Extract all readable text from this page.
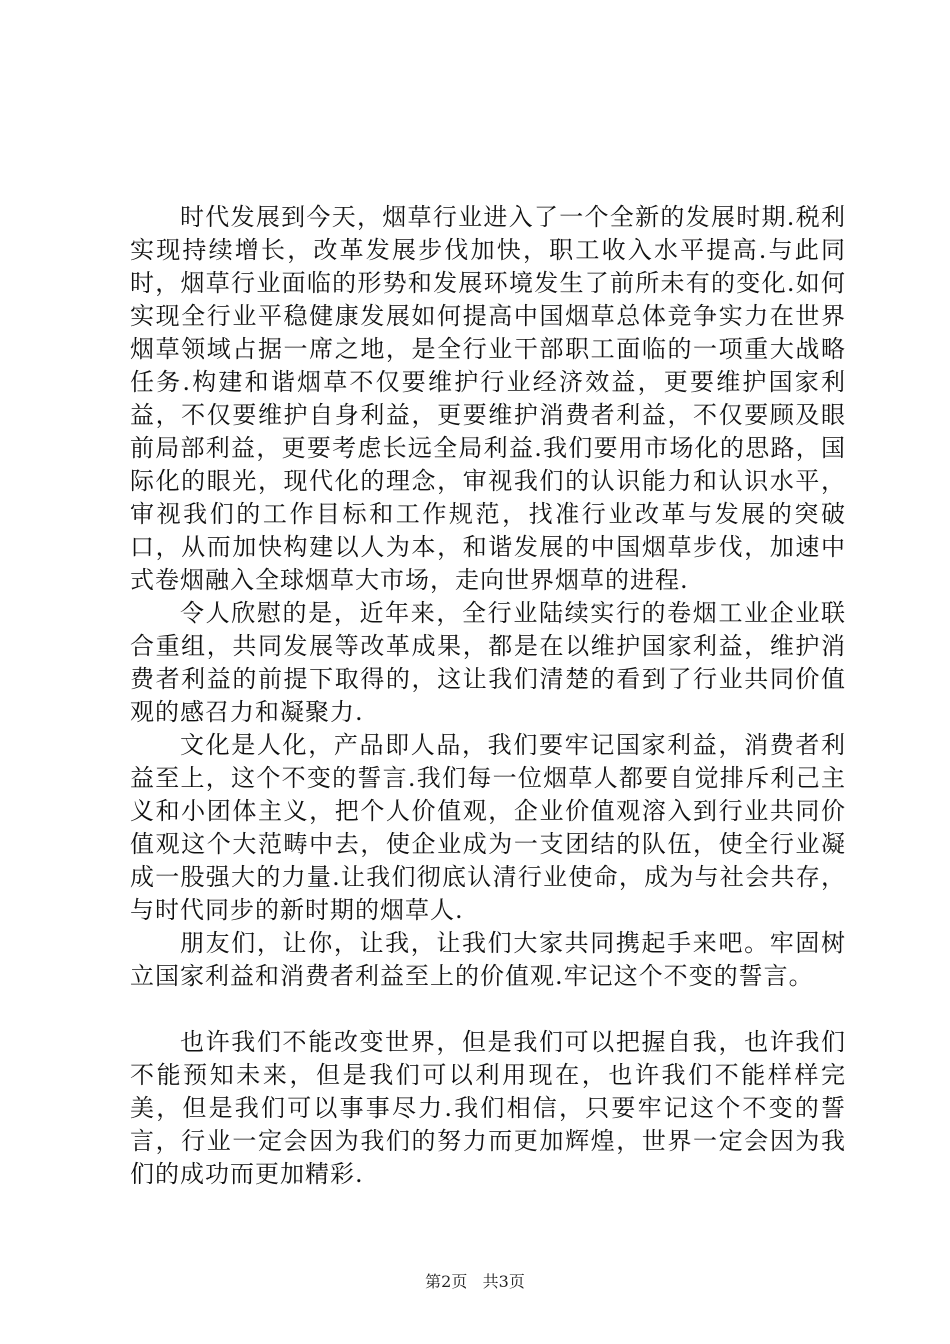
时代发展到今天，烟草行业进入了一个全新的发展时期.税利实现持续增长，改革发展步伐加快，职工收入水平提高.与此同时，烟草行业面临的形势和发展环境发生了前所未有的变化.如何实现全行业平稳健康发展如何提高中国烟草总体竞争实力在世界烟草领域占据一席之地，是全行业干部职工面临的一项重大战略任务.构建和谐烟草不仅要维护行业经济效益，更要维护国家利益，不仅要维护自身利益，更要维护消费者利益，不仅要顾及眼前局部利益，更要考虑长远全局利益.我们要用市场化的思路，国际化的眼光，现代化的理念，审视我们的认识能力和认识水平，审视我们的工作目标和工作规范，找准行业改革与发展的突破口，从而加快构建以人为本，和谐发展的中国烟草步伐，加速中式卷烟融入全球烟草大市场，走向世界烟草的进程.

令人欣慰的是，近年来，全行业陆续实行的卷烟工业企业联合重组，共同发展等改革成果，都是在以维护国家利益，维护消费者利益的前提下取得的，这让我们清楚的看到了行业共同价值观的感召力和凝聚力.

文化是人化，产品即人品，我们要牢记国家利益，消费者利益至上，这个不变的誓言.我们每一位烟草人都要自觉排斥利己主义和小团体主义，把个人价值观，企业价值观溶入到行业共同价值观这个大范畴中去，使企业成为一支团结的队伍，使全行业凝成一股强大的力量.让我们彻底认清行业使命，成为与社会共存，与时代同步的新时期的烟草人.

朋友们，让你，让我，让我们大家共同携起手来吧。牢固树立国家利益和消费者利益至上的价值观.牢记这个不变的誓言。

也许我们不能改变世界，但是我们可以把握自我，也许我们不能预知未来，但是我们可以利用现在，也许我们不能样样完美，但是我们可以事事尽力.我们相信，只要牢记这个不变的誓言，行业一定会因为我们的努力而更加辉煌，世界一定会因为我们的成功而更加精彩.

第2页 共3页
